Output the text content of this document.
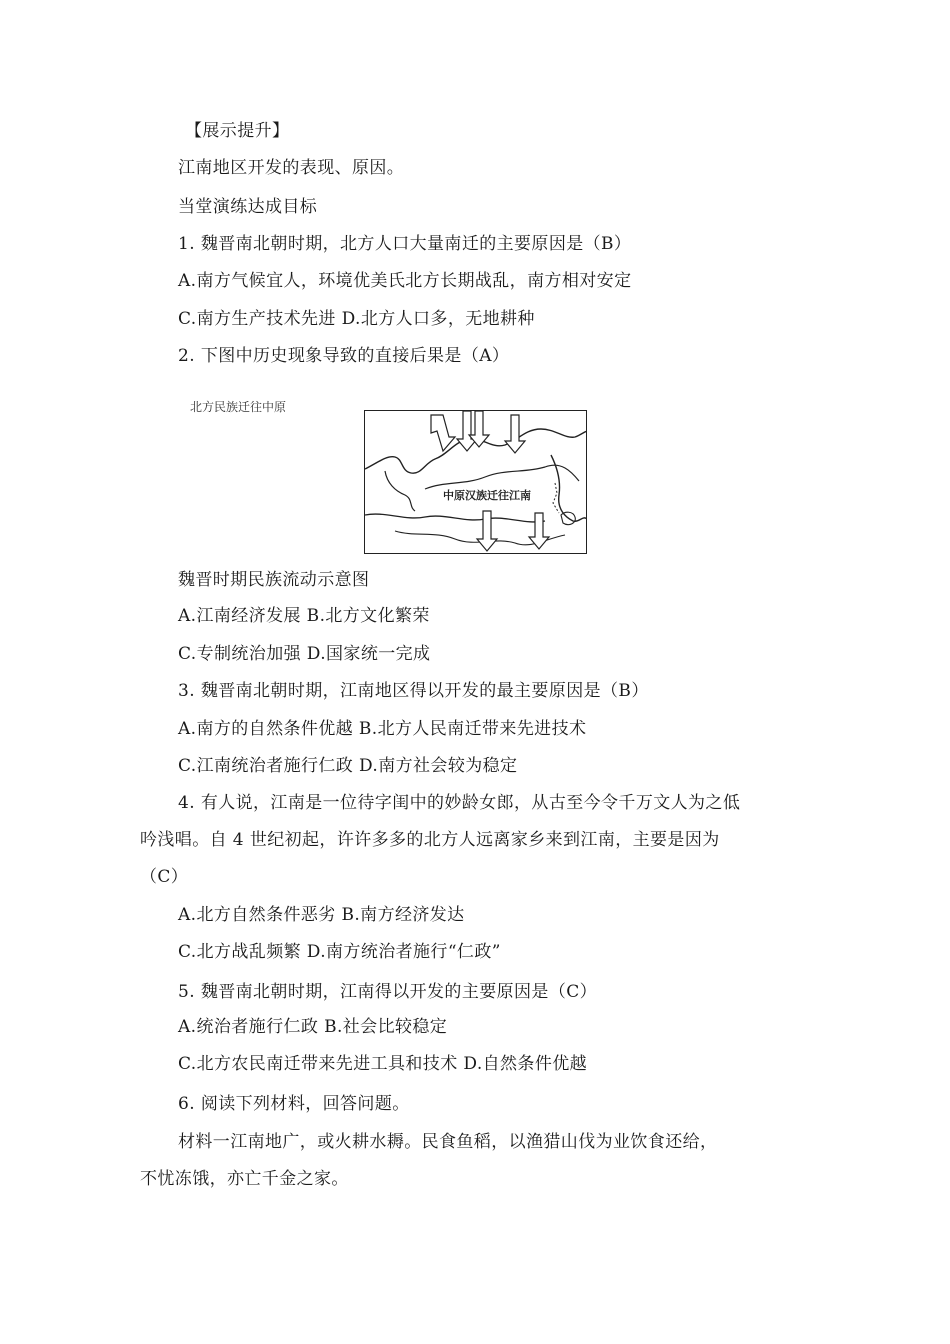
【展示提升】
江南地区开发的表现、原因。
当堂演练达成目标
1. 魏晋南北朝时期，北方人口大量南迁的主要原因是（B）
A.南方气候宜人，环境优美氏北方长期战乱，南方相对安定
C.南方生产技术先进 D.北方人口多，无地耕种
2. 下图中历史现象导致的直接后果是（A）
北方民族迁往中原
中原汉族迁往江南
魏晋时期民族流动示意图
A.江南经济发展 B.北方文化繁荣
C.专制统治加强 D.国家统一完成
3. 魏晋南北朝时期，江南地区得以开发的最主要原因是（B）
A.南方的自然条件优越 B.北方人民南迁带来先进技术
C.江南统治者施行仁政 D.南方社会较为稳定
4. 有人说，江南是一位待字闺中的妙龄女郎，从古至今令千万文人为之低
吟浅唱。自 4 世纪初起，许许多多的北方人远离家乡来到江南，主要是因为
（C）
A.北方自然条件恶劣 B.南方经济发达
C.北方战乱频繁 D.南方统治者施行“仁政”
5. 魏晋南北朝时期，江南得以开发的主要原因是（C）
A.统治者施行仁政 B.社会比较稳定
C.北方农民南迁带来先进工具和技术 D.自然条件优越
6. 阅读下列材料，回答问题。
材料一江南地广，或火耕水耨。民食鱼稻，以渔猎山伐为业饮食还给，
不忧冻饿，亦亡千金之家。
